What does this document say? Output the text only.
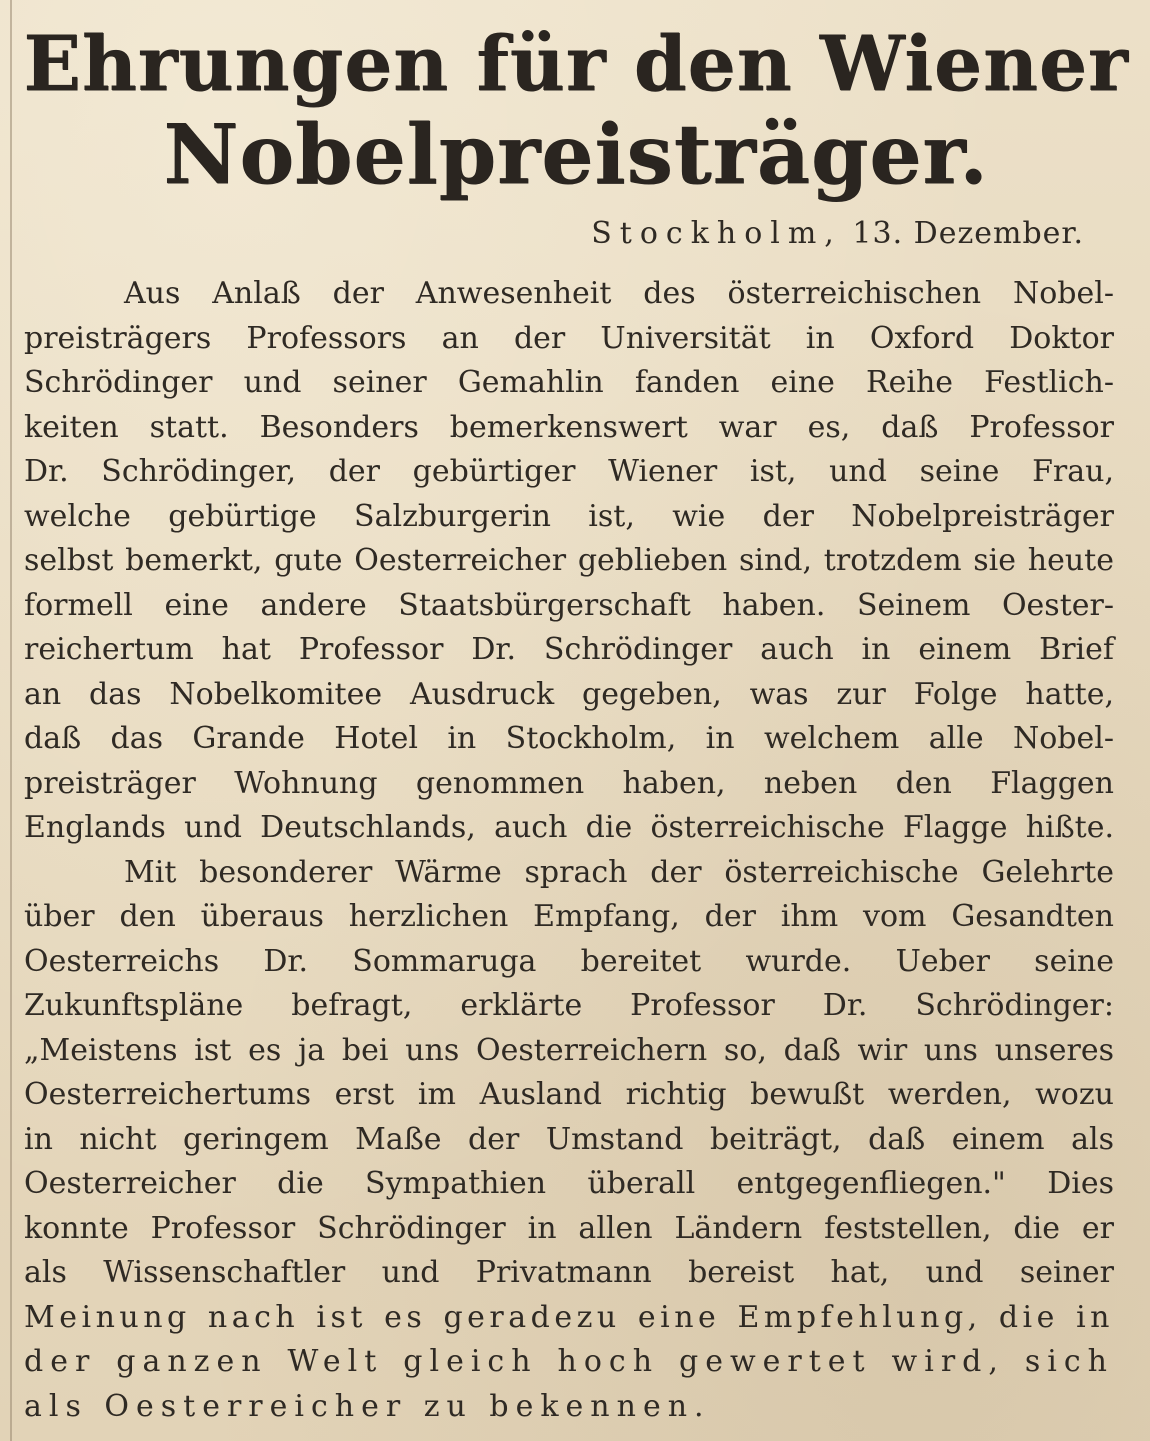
Ehrungen für den Wiener
Nobelpreisträger.
Stockholm, 13. Dezember.
Aus Anlaß der Anwesenheit des österreichischen Nobel-
preisträgers Professors an der Universität in Oxford Doktor
Schrödinger und seiner Gemahlin fanden eine Reihe Festlich-
keiten statt. Besonders bemerkenswert war es, daß Professor
Dr. Schrödinger, der gebürtiger Wiener ist, und seine Frau,
welche gebürtige Salzburgerin ist, wie der Nobelpreisträger
selbst bemerkt, gute Oesterreicher geblieben sind, trotzdem sie heute
formell eine andere Staatsbürgerschaft haben. Seinem Oester-
reichertum hat Professor Dr. Schrödinger auch in einem Brief
an das Nobelkomitee Ausdruck gegeben, was zur Folge hatte,
daß das Grande Hotel in Stockholm, in welchem alle Nobel-
preisträger Wohnung genommen haben, neben den Flaggen
Englands und Deutschlands, auch die österreichische Flagge hißte.
Mit besonderer Wärme sprach der österreichische Gelehrte
über den überaus herzlichen Empfang, der ihm vom Gesandten
Oesterreichs Dr. Sommaruga bereitet wurde. Ueber seine
Zukunftspläne befragt, erklärte Professor Dr. Schrödinger:
„Meistens ist es ja bei uns Oesterreichern so, daß wir uns unseres
Oesterreichertums erst im Ausland richtig bewußt werden, wozu
in nicht geringem Maße der Umstand beiträgt, daß einem als
Oesterreicher die Sympathien überall entgegenfliegen." Dies
konnte Professor Schrödinger in allen Ländern feststellen, die er
als Wissenschaftler und Privatmann bereist hat, und seiner
Meinung nach ist es geradezu eine Empfehlung, die in
der ganzen Welt gleich hoch gewertet wird, sich
als Oesterreicher zu bekennen.
